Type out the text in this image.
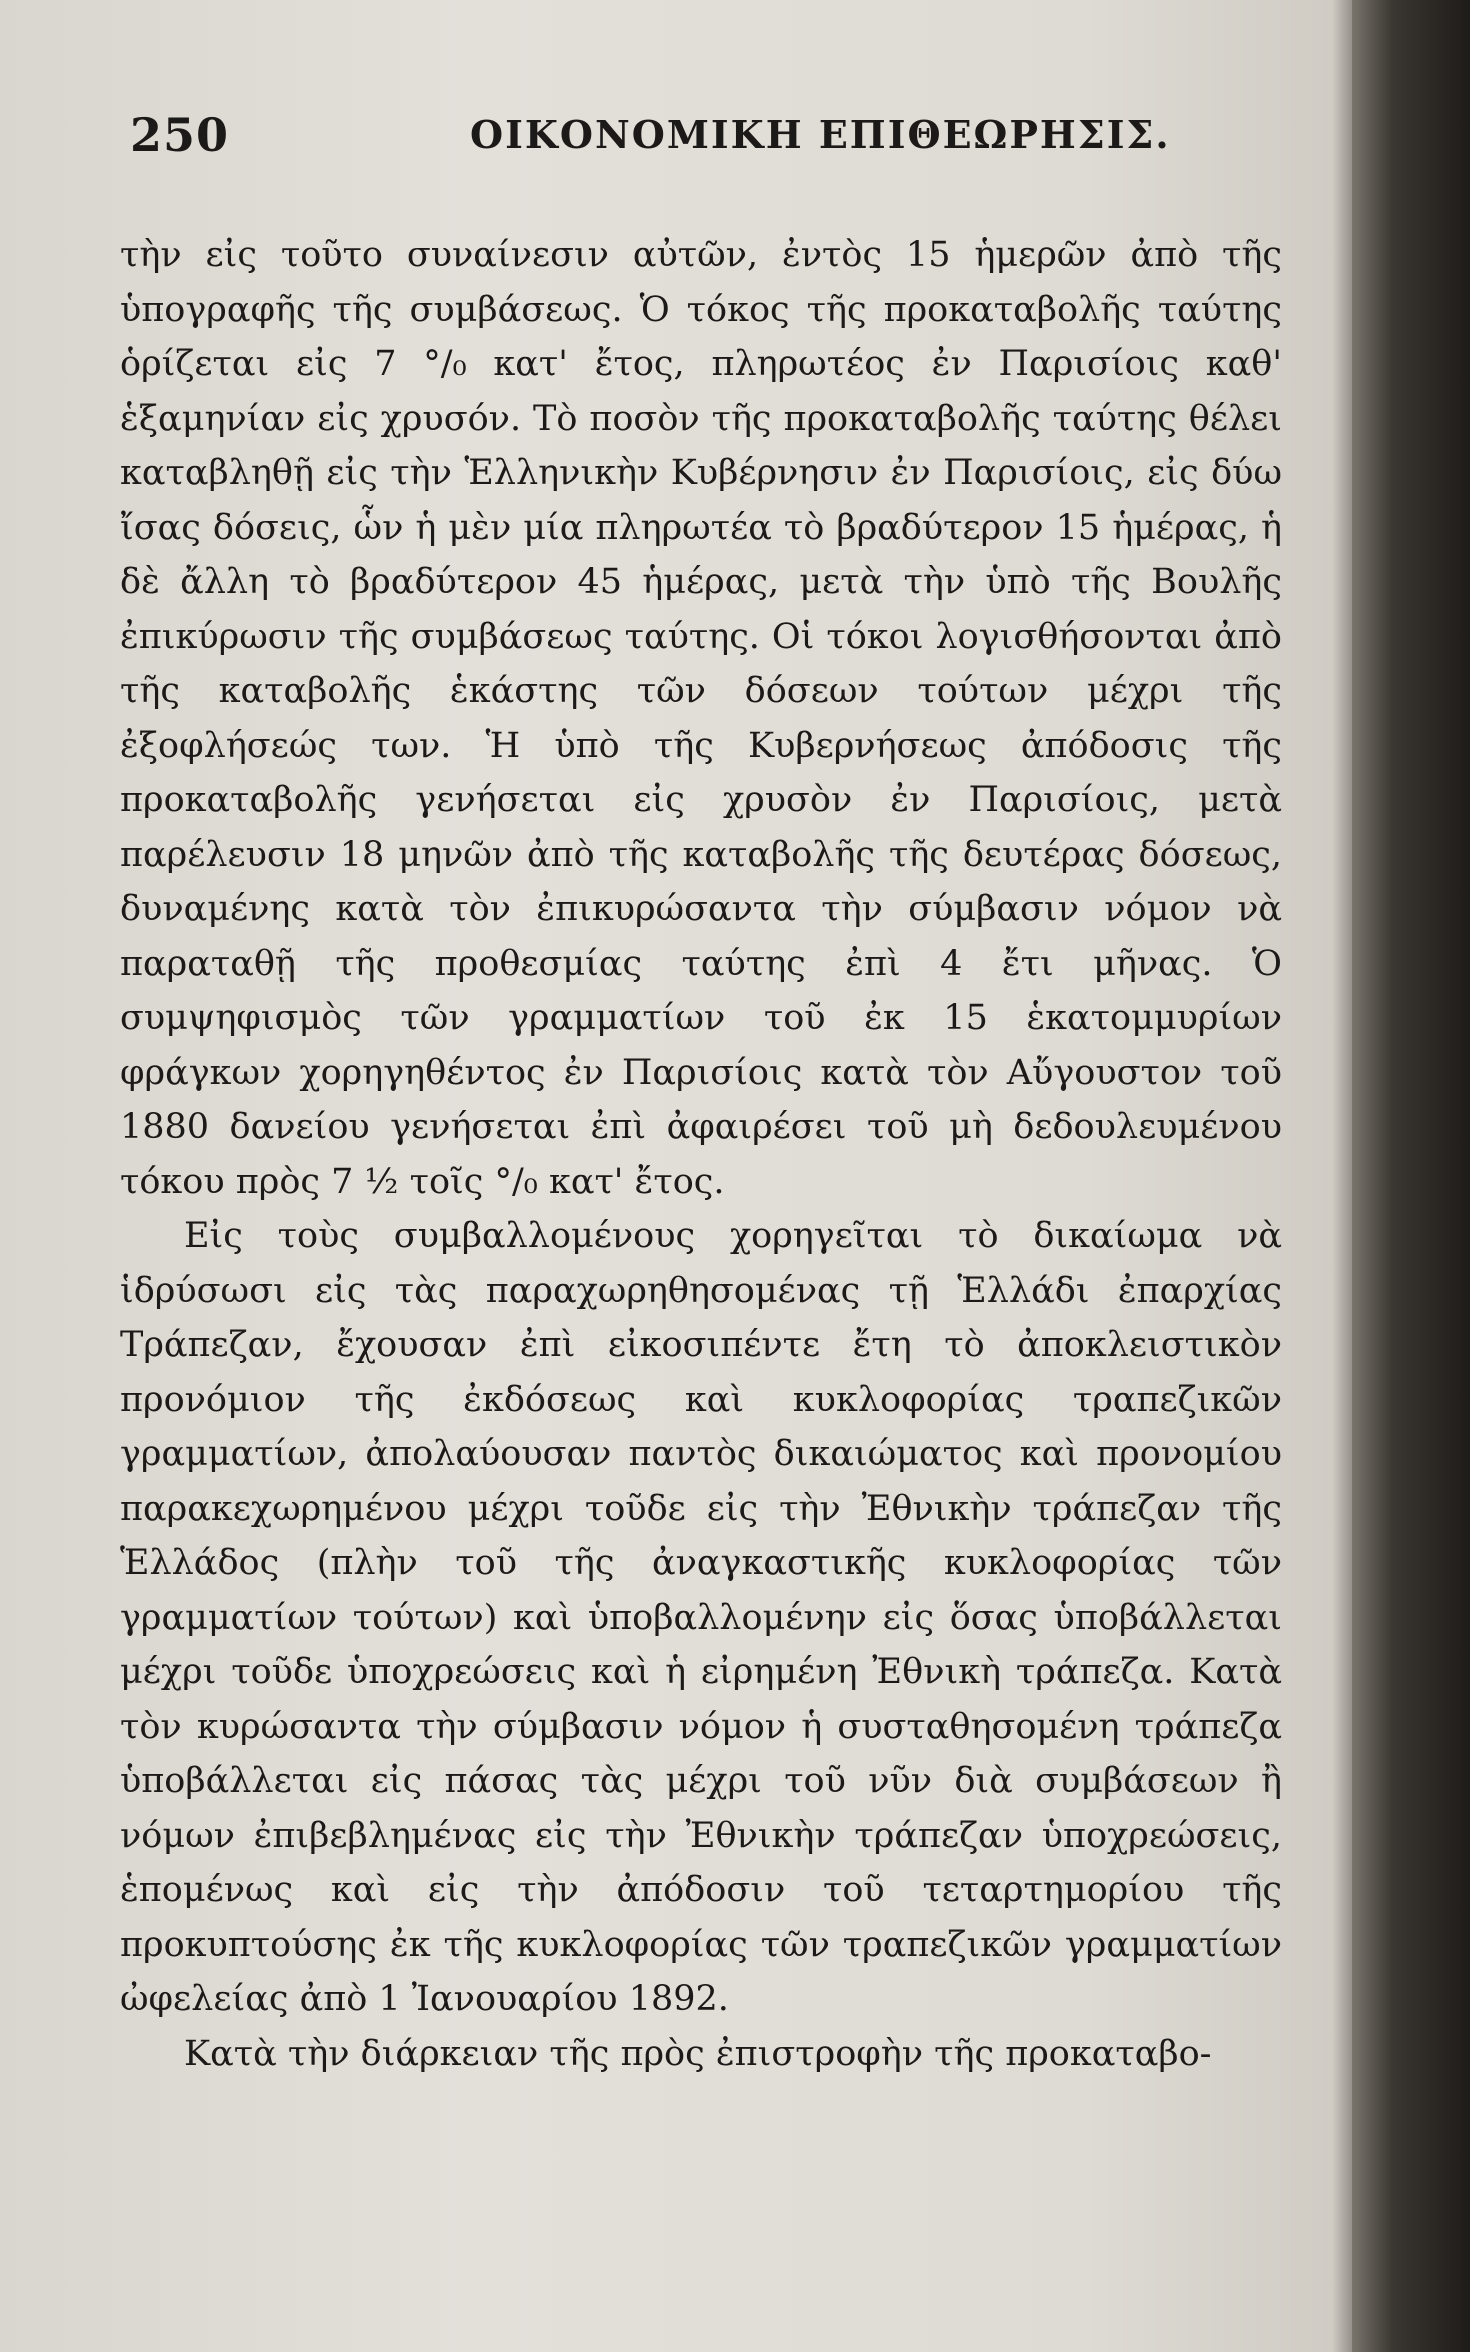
250	ΟΙΚΟΝΟΜΙΚΗ ΕΠΙΘΕΩΡΗΣΙΣ.

τὴν εἰς τοῦτο συναίνεσιν αὐτῶν, ἐντὸς 15 ἡμερῶν ἀπὸ τῆς ὑπογραφῆς τῆς συμβάσεως. Ὁ τόκος τῆς προκαταβολῆς ταύτης ὁρίζεται εἰς 7 °/₀ κατ' ἔτος, πληρωτέος ἐν Παρισίοις καθ' ἑξαμηνίαν εἰς χρυσόν. Τὸ ποσὸν τῆς προκαταβολῆς ταύτης θέλει καταβληθῇ εἰς τὴν Ἑλληνικὴν Κυβέρνησιν ἐν Παρισίοις, εἰς δύω ἴσας δόσεις, ὧν ἡ μὲν μία πληρωτέα τὸ βραδύτερον 15 ἡμέρας, ἡ δὲ ἄλλη τὸ βραδύτερον 45 ἡμέρας, μετὰ τὴν ὑπὸ τῆς Βουλῆς ἐπικύρωσιν τῆς συμβάσεως ταύτης. Οἱ τόκοι λογισθήσονται ἀπὸ τῆς καταβολῆς ἑκάστης τῶν δόσεων τούτων μέχρι τῆς ἐξοφλήσεώς των. Ἡ ὑπὸ τῆς Κυβερνήσεως ἀπόδοσις τῆς προκαταβολῆς γενήσεται εἰς χρυσὸν ἐν Παρισίοις, μετὰ παρέλευσιν 18 μηνῶν ἀπὸ τῆς καταβολῆς τῆς δευτέρας δόσεως, δυναμένης κατὰ τὸν ἐπικυρώσαντα τὴν σύμβασιν νόμον νὰ παραταθῇ τῆς προθεσμίας ταύτης ἐπὶ 4 ἔτι μῆνας. Ὁ συμψηφισμὸς τῶν γραμματίων τοῦ ἐκ 15 ἑκατομμυρίων φράγκων χορηγηθέντος ἐν Παρισίοις κατὰ τὸν Αὔγουστον τοῦ 1880 δανείου γενήσεται ἐπὶ ἀφαιρέσει τοῦ μὴ δεδουλευμένου τόκου πρὸς 7 ½ τοῖς °/₀ κατ' ἔτος.

Εἰς τοὺς συμβαλλομένους χορηγεῖται τὸ δικαίωμα νὰ ἱδρύσωσι εἰς τὰς παραχωρηθησομένας τῇ Ἑλλάδι ἐπαρχίας Τράπεζαν, ἔχουσαν ἐπὶ εἰκοσιπέντε ἔτη τὸ ἀποκλειστικὸν προνόμιον τῆς ἐκδόσεως καὶ κυκλοφορίας τραπεζικῶν γραμματίων, ἀπολαύουσαν παντὸς δικαιώματος καὶ προνομίου παρακεχωρημένου μέχρι τοῦδε εἰς τὴν Ἐθνικὴν τράπεζαν τῆς Ἑλλάδος (πλὴν τοῦ τῆς ἀναγκαστικῆς κυκλοφορίας τῶν γραμματίων τούτων) καὶ ὑποβαλλομένην εἰς ὅσας ὑποβάλλεται μέχρι τοῦδε ὑποχρεώσεις καὶ ἡ εἰρημένη Ἐθνικὴ τράπεζα. Κατὰ τὸν κυρώσαντα τὴν σύμβασιν νόμον ἡ συσταθησομένη τράπεζα ὑποβάλλεται εἰς πάσας τὰς μέχρι τοῦ νῦν διὰ συμβάσεων ἢ νόμων ἐπιβεβλημένας εἰς τὴν Ἐθνικὴν τράπεζαν ὑποχρεώσεις, ἑπομένως καὶ εἰς τὴν ἀπόδοσιν τοῦ τεταρτημορίου τῆς προκυπτούσης ἐκ τῆς κυκλοφορίας τῶν τραπεζικῶν γραμματίων ὠφελείας ἀπὸ 1 Ἰανουαρίου 1892.

Κατὰ τὴν διάρκειαν τῆς πρὸς ἐπιστροφὴν τῆς προκαταβο-
